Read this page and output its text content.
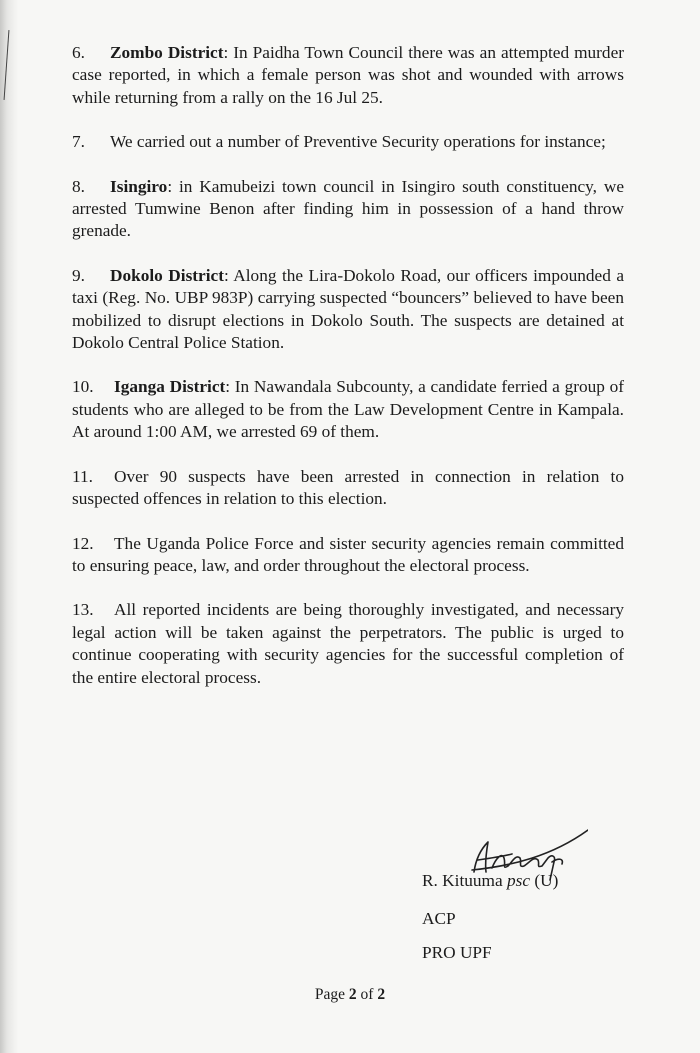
6. Zombo District: In Paidha Town Council there was an attempted murder case reported, in which a female person was shot and wounded with arrows while returning from a rally on the 16 Jul 25.

7. We carried out a number of Preventive Security operations for instance;

8. Isingiro: in Kamubeizi town council in Isingiro south constituency, we arrested Tumwine Benon after finding him in possession of a hand throw grenade.

9. Dokolo District: Along the Lira-Dokolo Road, our officers impounded a taxi (Reg. No. UBP 983P) carrying suspected “bouncers” believed to have been mobilized to disrupt elections in Dokolo South. The suspects are detained at Dokolo Central Police Station.

10. Iganga District: In Nawandala Subcounty, a candidate ferried a group of students who are alleged to be from the Law Development Centre in Kampala. At around 1:00 AM, we arrested 69 of them.

11. Over 90 suspects have been arrested in connection in relation to suspected offences in relation to this election.

12. The Uganda Police Force and sister security agencies remain committed to ensuring peace, law, and order throughout the electoral process.

13. All reported incidents are being thoroughly investigated, and necessary legal action will be taken against the perpetrators. The public is urged to continue cooperating with security agencies for the successful completion of the entire electoral process.

R. Kituuma psc (U)
ACP
PRO UPF
Page 2 of 2
